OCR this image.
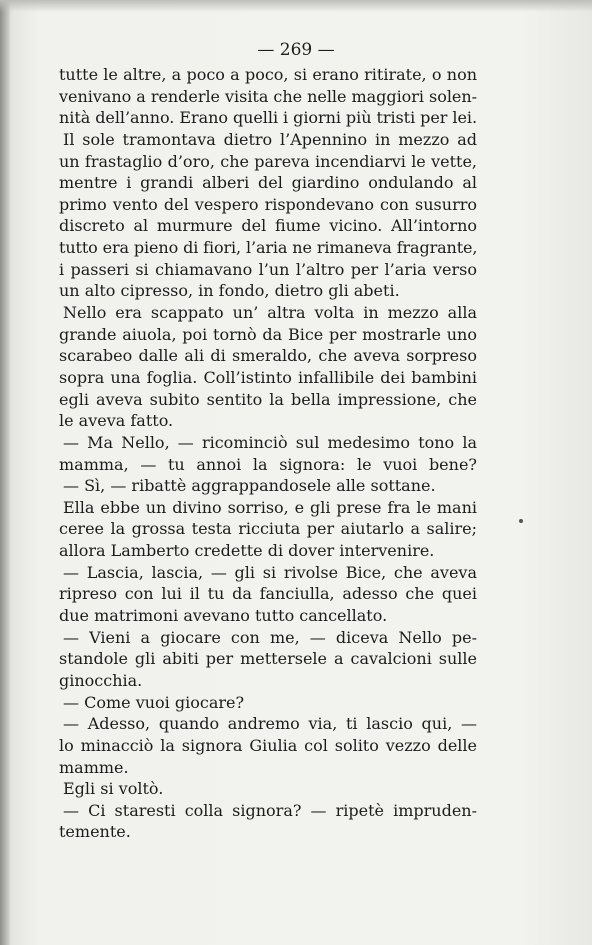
— 269 —
tutte le altre, a poco a poco, si erano ritirate, o non
venivano a renderle visita che nelle maggiori solen-
nità dell’anno. Erano quelli i giorni più tristi per lei.
Il sole tramontava dietro l’Apennino in mezzo ad
un frastaglio d’oro, che pareva incendiarvi le vette,
mentre i grandi alberi del giardino ondulando al
primo vento del vespero rispondevano con susurro
discreto al murmure del fiume vicino. All’intorno
tutto era pieno di fiori, l’aria ne rimaneva fragrante,
i passeri si chiamavano l’un l’altro per l’aria verso
un alto cipresso, in fondo, dietro gli abeti.
Nello era scappato un’ altra volta in mezzo alla
grande aiuola, poi tornò da Bice per mostrarle uno
scarabeo dalle ali di smeraldo, che aveva sorpreso
sopra una foglia. Coll’istinto infallibile dei bambini
egli aveva subito sentito la bella impressione, che
le aveva fatto.
— Ma Nello, — ricominciò sul medesimo tono la
mamma, — tu annoi la signora: le vuoi bene?
— Sì, — ribattè aggrappandosele alle sottane.
Ella ebbe un divino sorriso, e gli prese fra le mani
ceree la grossa testa ricciuta per aiutarlo a salire;
allora Lamberto credette di dover intervenire.
— Lascia, lascia, — gli si rivolse Bice, che aveva
ripreso con lui il tu da fanciulla, adesso che quei
due matrimoni avevano tutto cancellato.
— Vieni a giocare con me, — diceva Nello pe-
standole gli abiti per mettersele a cavalcioni sulle
ginocchia.
— Come vuoi giocare?
— Adesso, quando andremo via, ti lascio qui, —
lo minacciò la signora Giulia col solito vezzo delle
mamme.
Egli si voltò.
— Ci staresti colla signora? — ripetè impruden-
temente.
